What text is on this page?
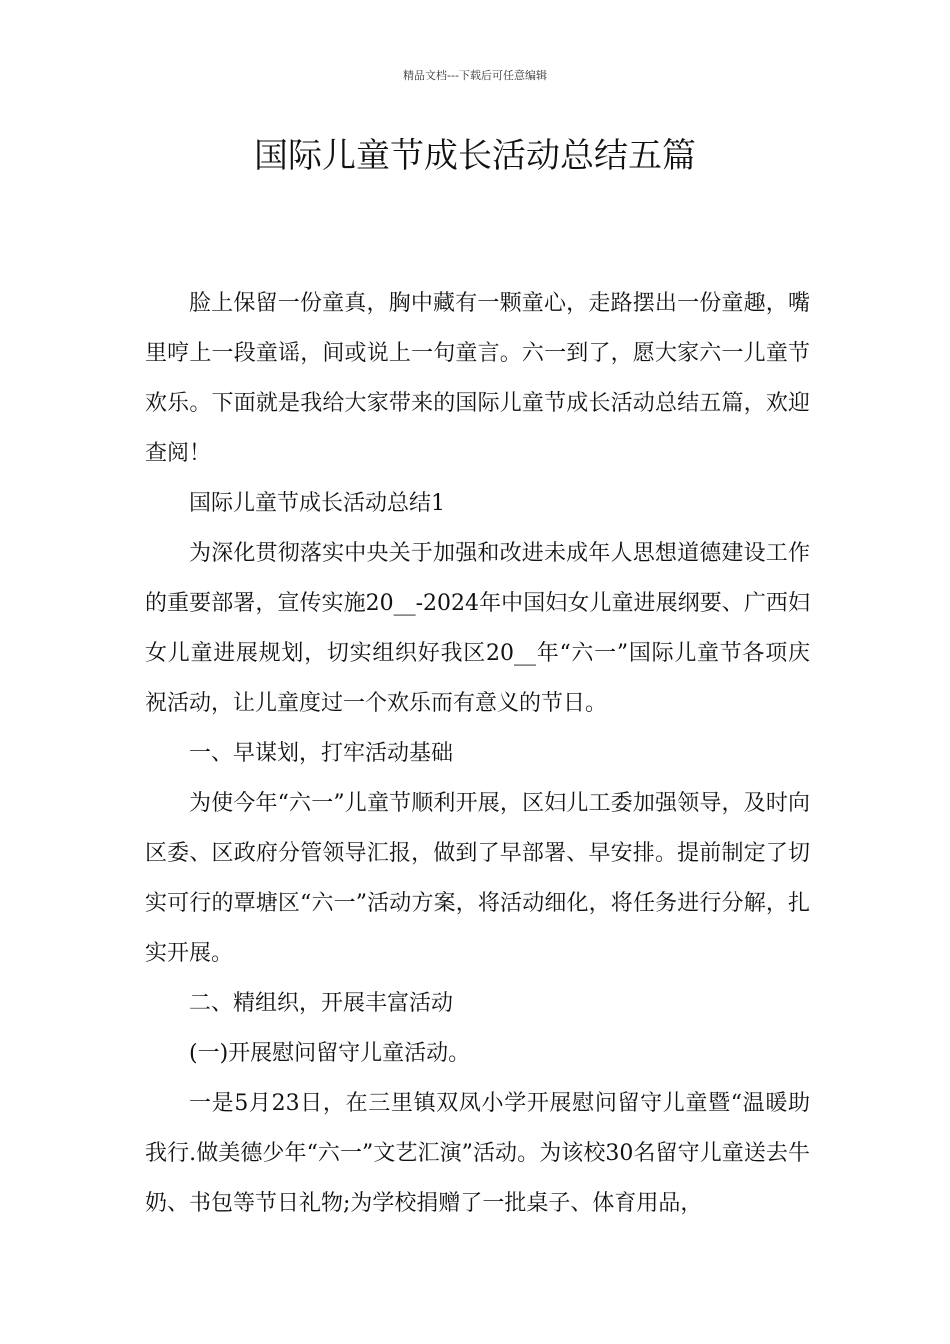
精品文档---下载后可任意编辑
国际儿童节成长活动总结五篇

脸上保留一份童真，胸中藏有一颗童心，走路摆出一份童趣，嘴里哼上一段童谣，间或说上一句童言。六一到了，愿大家六一儿童节欢乐。下面就是我给大家带来的国际儿童节成长活动总结五篇，欢迎查阅！

国际儿童节成长活动总结1

为深化贯彻落实中央关于加强和改进未成年人思想道德建设工作的重要部署，宣传实施20__-2024年中国妇女儿童进展纲要、广西妇女儿童进展规划，切实组织好我区20__年“六一”国际儿童节各项庆祝活动，让儿童度过一个欢乐而有意义的节日。

一、早谋划，打牢活动基础

为使今年“六一”儿童节顺利开展，区妇儿工委加强领导，及时向区委、区政府分管领导汇报，做到了早部署、早安排。提前制定了切实可行的覃塘区“六一”活动方案，将活动细化，将任务进行分解，扎实开展。

二、精组织，开展丰富活动

(一)开展慰问留守儿童活动。

一是5月23日，在三里镇双凤小学开展慰问留守儿童暨“温暖助我行.做美德少年“六一”文艺汇演”活动。为该校30名留守儿童送去牛奶、书包等节日礼物;为学校捐赠了一批桌子、体育用品，
